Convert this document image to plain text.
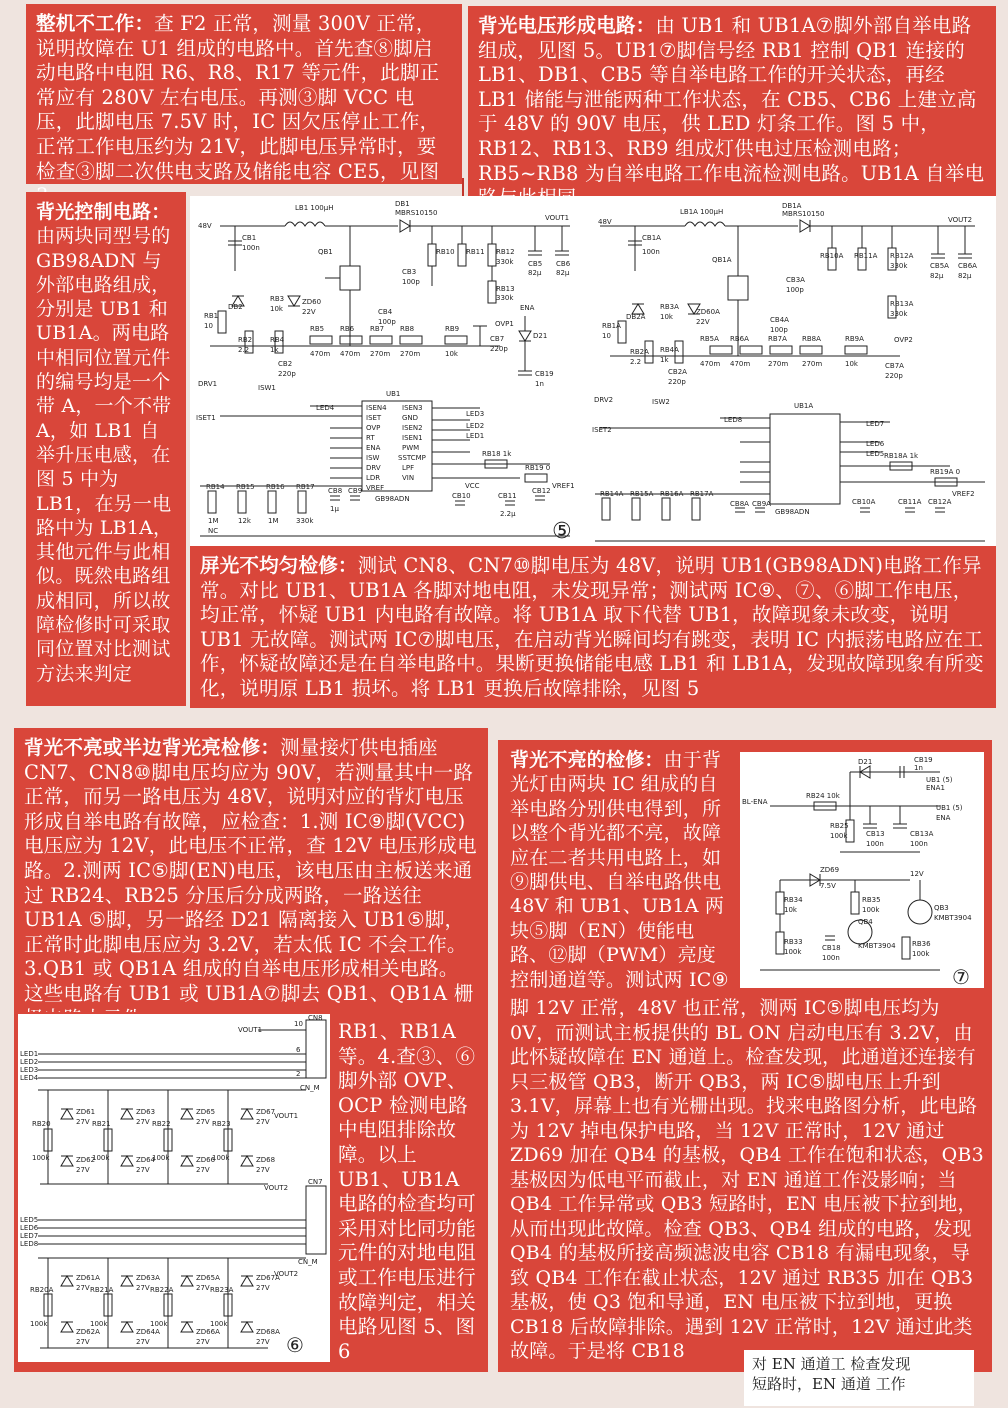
整机不工作：查 F2 正常，测量 300V 正常，说明故障在 U1 组成的电路中。首先查⑧脚启动电路中电阻 R6、R8、R17 等元件，此脚正常应有 280V 左右电压。再测③脚 VCC 电压，此脚电压 7.5V 时，IC 因欠压停止工作，正常工作电压约为 21V，此脚电压异常时，要检查③脚二次供电支路及储能电容 CE5，见图
背光电压形成电路：由 UB1 和 UB1A⑦脚外部自举电路组成，见图 5。UB1⑦脚信号经 RB1 控制 QB1 连接的 LB1、DB1、CB5 等自举电路工作的开关状态，再经 LB1 储能与泄能两种工作状态，在 CB5、CB6 上建立高于 48V 的 90V 电压，供 LED 灯条工作。图 5 中，RB12、RB13、RB9 组成灯供电过压检测电路；RB5~RB8 为自举电路工作电流检测电路。UB1A 自举电
背光控制电路：由两块同型号的 GB98ADN 与外部电路组成，分别是 UB1 和 UB1A。两电路中相同位置元件的编号均是一个带 A，一个不带 A，如 LB1 自举升压电感，在图 5 中为 LB1，在另一电路中为 LB1A，其他元件与此相似。既然电路组成相同，所以故障检修时可采取同位置对比测试方法来判定
48V
LB1 100μH	DB1
MBRS10150
VOUT1
CB1
100n	QB1	RB10 RB11 RB12
330k CB5
82μ
CB6
82μ
RB13
330k
CB3
100p
CB4
100p	OVP1
ENA
D21
CB19
1n
DB2
RB3
10k
ZD60
22V
RB1
10
RB2
2.2
RB4
1k
RB5
470m
RB6
470m
RB7
270m
RB8
270m
RB9
10k
CB7
220p
CB2
220p
DRV1	ISW1
UB1
GB98ADN
ISET1
LED4	ISEN4
ISET
OVP
RT
ENA
ISW
DRV
LDR
VREF
ISEN3
GND
ISEN2
ISEN1
PWM
SSTCMP
LPF
VIN
LED3
LED2
LED1
RB18 1k
RB19 0
VCC	VREF1
RB14 RB15 RB16 RB17
1M	12k 1M	330k
NC
CB8 CB9
CB10	CB11
CB12
1μ
2.2μ
48V
LB1A 100μH
DB1A
MBRS10150
VOUT2
CB1A
100n
QB1A	RB10A RB11A RB12A
330k	CB5A
82μ
CB6A
82μ
RB13A
330k
CB3A
100p
CB4A
100p
OVP2
DB2A
RB3A
10k
ZD60A
22V
RB1A
10
RB2A
2.2
RB4A
1k
RB5A
470m
RB6A
470m
RB7A
270m
RB8A
270m
RB9A
10k	CB7A
220p
CB2A
220p
DRV2	ISW2	UB1A
ISET2
LED8	LED7
LED6
LED5 RB18A 1k
RB19A 0
VREF2
RB14A RB15A RB16A RB17A
CB8A CB9A	CB10A	CB11A CB12A
GB98ADN
⑤
屏光不均匀检修：测试 CN8、CN7⑩脚电压为 48V，说明 UB1(GB98ADN)电路工作异常。对比 UB1、UB1A 各脚对地电阻，未发现异常；测试两 IC⑨、⑦、⑥脚工作电压，均正常，怀疑 UB1 内电路有故障。将 UB1A 取下代替 UB1，故障现象未改变，说明 UB1 无故障。测试两 IC⑦脚电压，在启动背光瞬间均有跳变，表明 IC 内振荡电路应在工作，怀疑故障还是在自举电路中。果断更换储能电感 LB1 和 LB1A，发现故障现象有所变化，说明原 LB1 损坏。将 LB1 更换后故障排除，见图 5
背光不亮或半边背光亮检修：测量接灯供电插座 CN7、CN8⑩脚电压均应为 90V，若测量其中一路正常，而另一路电压为 48V，说明对应的背灯电压形成自举电路有故障，应检查：1.测 IC⑨脚(VCC)电压应为 12V，此电压不正常，查 12V 电压形成电路。2.测两 IC⑤脚(EN)电压，该电压由主板送来通过 RB24、RB25 分压后分成两路，一路送往 UB1A ⑤脚，另一路经 D21 隔离接入 UB1⑤脚，正常时此脚电压应为 3.2V，若太低 IC 不会工作。3.QB1 或 QB1A 组成的自举电压形成相关电路。这些电路有 UB1 或 UB1A⑦脚去 QB1、QB1A 栅
RB1、RB1A 等。4.查③、⑥脚外部 OVP、OCP 检测电路中电阻排除故障。以上 UB1、UB1A 电路的检查均可采用对比同功能元件的对地电阻或工作电压进行故障判定，相关电路见图 5、图 6
VOUT1
CN8
CN_M
10
6
2
LED1
LED2
LED3
LED4
RB20
100k
RB21
100k
RB22
100k
RB23
100k
ZD61
27V
ZD62
27V
ZD63
27V
ZD64
27V
ZD65
27V
ZD66
27V
ZD67
27V
ZD68
27V
VOUT1
VOUT2
CN7
CN_M
VOUT2
LED5
LED6
LED7
LED8
RB20A
100k
RB21A
100k
RB22A
100k
RB23A
100k
ZD61A
27V
ZD62A
27V
ZD63A
27V
ZD64A
27V
ZD65A
27V
ZD66A
27V
ZD67A
27V
ZD68A
27V ⑥
背光不亮的检修：由于背光灯由两块 IC 组成的自举电路分别供电得到，所以整个背光都不亮，故障应在二者共用电路上，如⑨脚供电、自举电路供电 48V 和 UB1、UB1A 两块⑤脚（EN）使能电路、⑫脚（PWM）亮度控制通道等。测试两 IC⑨
脚 12V 正常，48V 也正常，测两 IC⑤脚电压均为 0V，而测试主板提供的 BL ON 启动电压有 3.2V，由此怀疑故障在 EN 通道上。检查发现，此通道还连接有只三极管 QB3，断开 QB3，两 IC⑤脚电压上升到 3.1V，屏幕上也有光栅出现。找来电路图分析，此电路为 12V 掉电保护电路，当 12V 正常时，12V 通过 ZD69 加在 QB4 的基极，QB4 工作在饱和状态，QB3 基极因为低电平而截止，对 EN 通道工作没影响；当 QB4 工作异常或 QB3 短路时，EN 电压被下拉到地，从而出现此故障。检查 QB3、QB4 组成的电路，发现 QB4 的基极所接高频滤波电容 CB18 有漏电现象，导致 QB4 工作在截止状态，12V 通过 RB35 加在 QB3 基极，使 Q3 饱和导通，EN 电压被下拉到地，更换 CB18 后故障排除。遇到 12V 正常时，12V 通过此类故障。于是将 CB18
D21	CB19
1n
UB1 (5)
ENA1
UB1 (5)
ENA
BL-ENA
RB24 10k
RB25
100k	CB13
100n
CB13A
100n
ZD69
7.5V
12V
RB34
10k
RB35
100k	QB3
KMBT3904
QB4
KMBT3904
RB33
100k	CB18
100n
RB36
100k
⑦
对 EN 通道工 检查发现
短路时，EN 通道 工作
